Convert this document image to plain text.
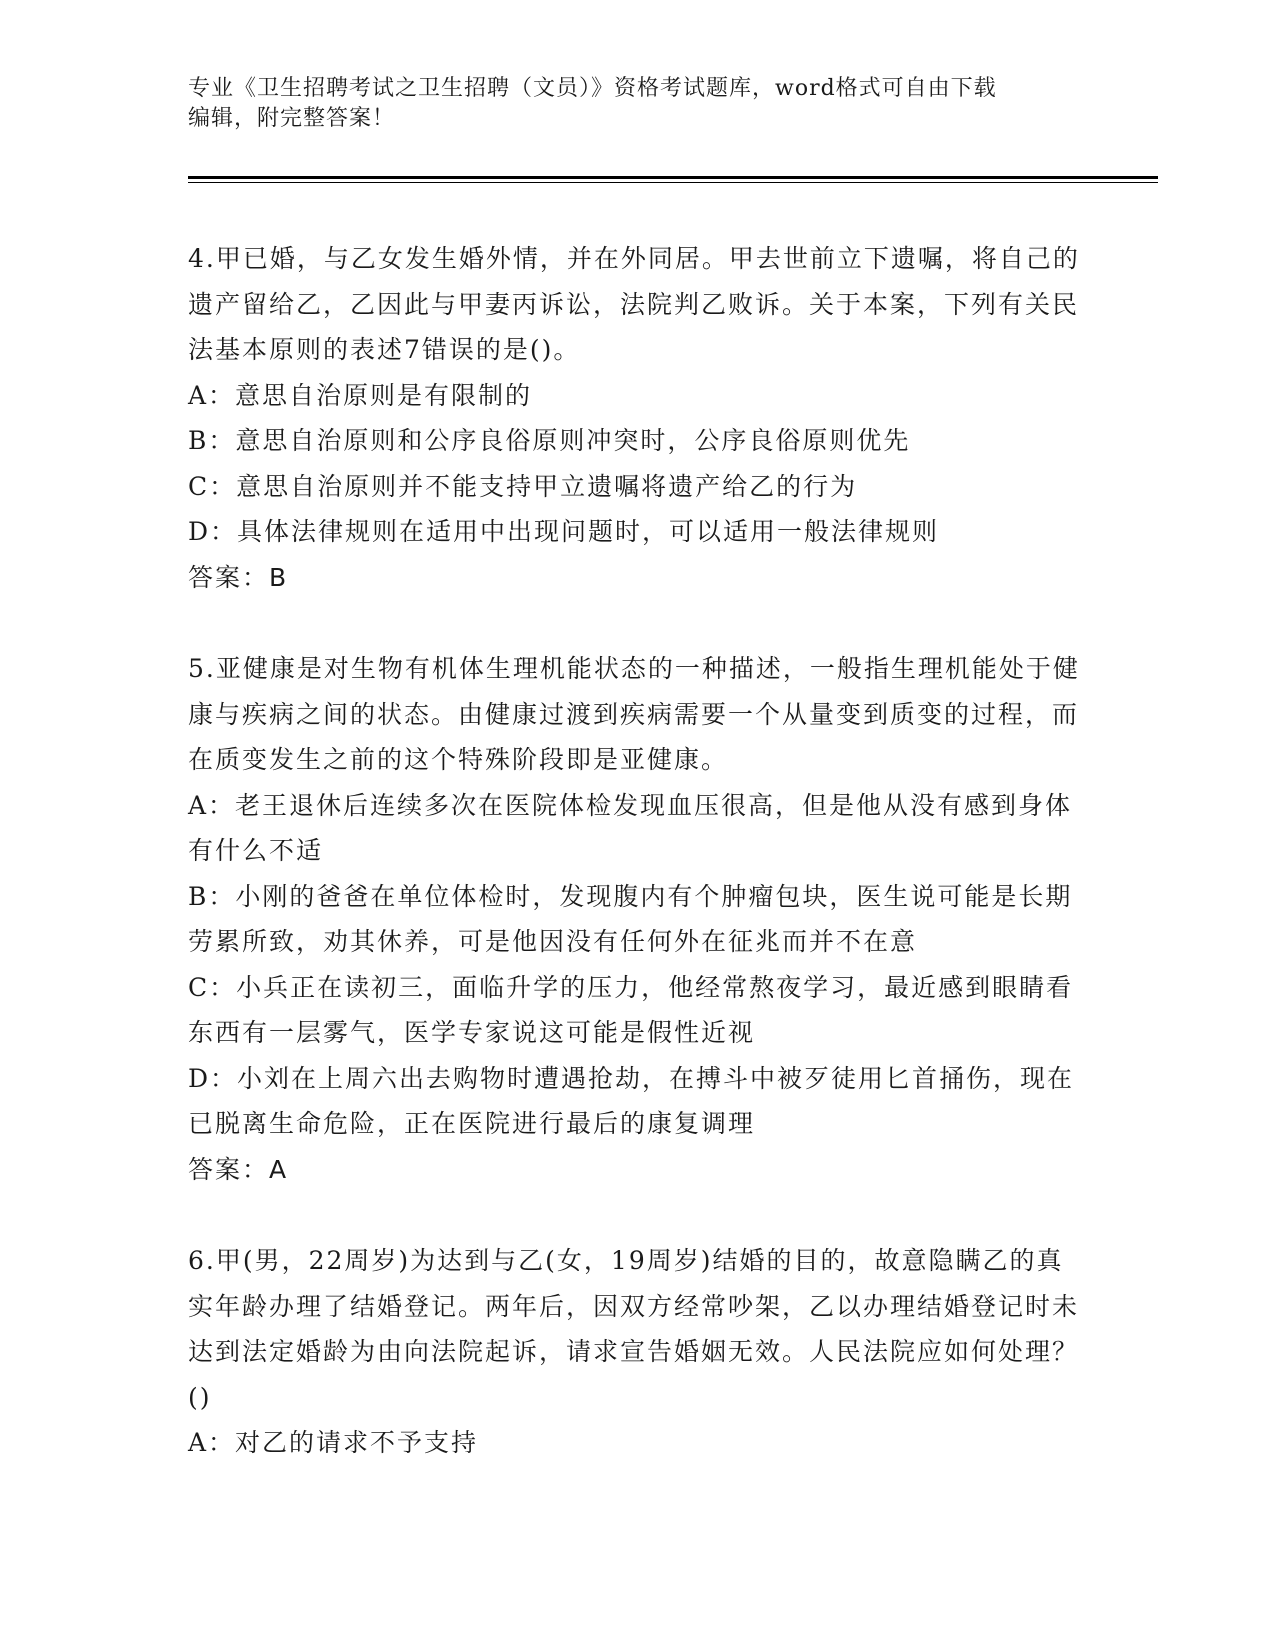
专业《卫生招聘考试之卫生招聘（文员）》资格考试题库，word格式可自由下载
编辑，附完整答案！
4.甲已婚，与乙女发生婚外情，并在外同居。甲去世前立下遗嘱，将自己的遗产留给乙，乙因此与甲妻丙诉讼，法院判乙败诉。关于本案，下列有关民法基本原则的表述7错误的是()。
A：意思自治原则是有限制的
B：意思自治原则和公序良俗原则冲突时，公序良俗原则优先
C：意思自治原则并不能支持甲立遗嘱将遗产给乙的行为
D：具体法律规则在适用中出现问题时，可以适用一般法律规则
答案：B
5.亚健康是对生物有机体生理机能状态的一种描述，一般指生理机能处于健康与疾病之间的状态。由健康过渡到疾病需要一个从量变到质变的过程，而在质变发生之前的这个特殊阶段即是亚健康。
A：老王退休后连续多次在医院体检发现血压很高，但是他从没有感到身体有什么不适
B：小刚的爸爸在单位体检时，发现腹内有个肿瘤包块，医生说可能是长期劳累所致，劝其休养，可是他因没有任何外在征兆而并不在意
C：小兵正在读初三，面临升学的压力，他经常熬夜学习，最近感到眼睛看东西有一层雾气，医学专家说这可能是假性近视
D：小刘在上周六出去购物时遭遇抢劫，在搏斗中被歹徒用匕首捅伤，现在已脱离生命危险，正在医院进行最后的康复调理
答案：A
6.甲(男，22周岁)为达到与乙(女，19周岁)结婚的目的，故意隐瞒乙的真实年龄办理了结婚登记。两年后，因双方经常吵架，乙以办理结婚登记时未达到法定婚龄为由向法院起诉，请求宣告婚姻无效。人民法院应如何处理？()
A：对乙的请求不予支持
